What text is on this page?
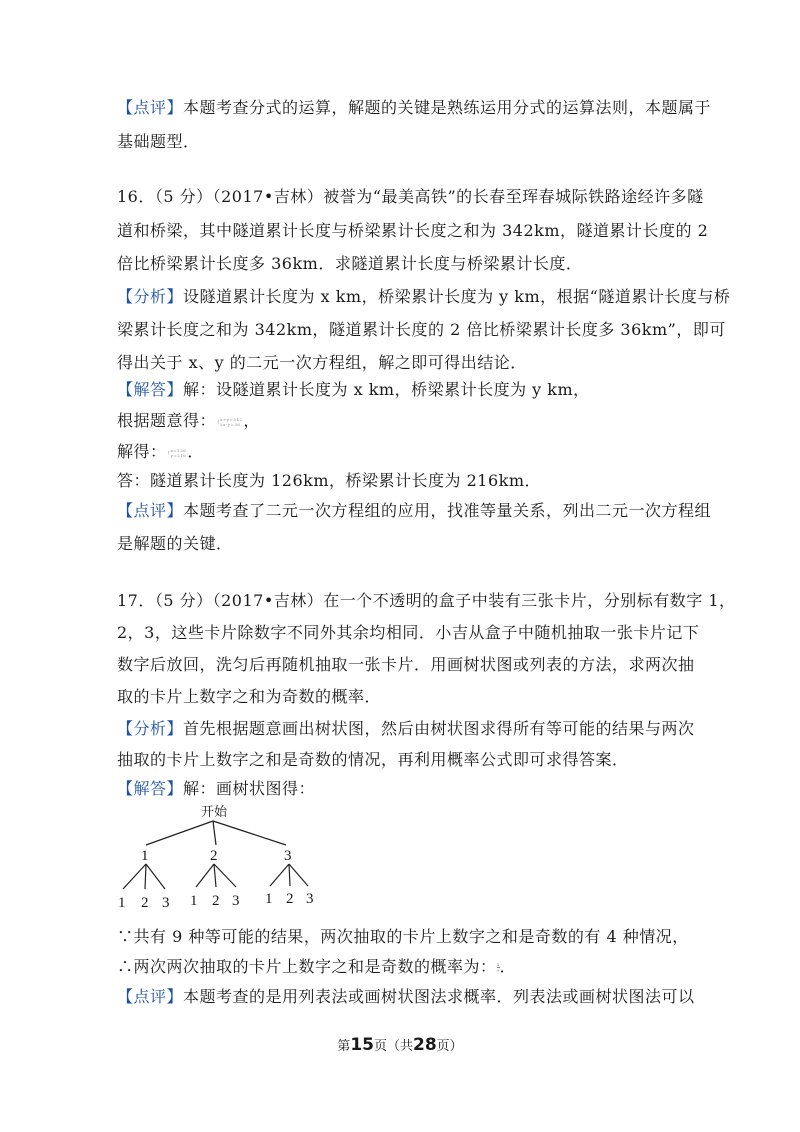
【点评】本题考查分式的运算，解题的关键是熟练运用分式的运算法则，本题属于
基础题型．
16．（5 分）（2017•吉林）被誉为“最美高铁”的长春至珲春城际铁路途经许多隧
道和桥梁，其中隧道累计长度与桥梁累计长度之和为 342km，隧道累计长度的 2
倍比桥梁累计长度多 36km．求隧道累计长度与桥梁累计长度．
【分析】设隧道累计长度为 x km，桥梁累计长度为 y km，根据“隧道累计长度与桥
梁累计长度之和为 342km，隧道累计长度的 2 倍比桥梁累计长度多 36km”，即可
得出关于 x、y 的二元一次方程组，解之即可得出结论．
【解答】解：设隧道累计长度为 x km，桥梁累计长度为 y km，
根据题意得：{ x+y=342
2x-y=36 ，
解得：{ x=126
y=216 ．
答：隧道累计长度为 126km，桥梁累计长度为 216km．
【点评】本题考查了二元一次方程组的应用，找准等量关系，列出二元一次方程组
是解题的关键．
17．（5 分）（2017•吉林）在一个不透明的盒子中装有三张卡片，分别标有数字 1，
2，3，这些卡片除数字不同外其余均相同．小吉从盒子中随机抽取一张卡片记下
数字后放回，洗匀后再随机抽取一张卡片．用画树状图或列表的方法，求两次抽
取的卡片上数字之和为奇数的概率．
【分析】首先根据题意画出树状图，然后由树状图求得所有等可能的结果与两次
抽取的卡片上数字之和是奇数的情况，再利用概率公式即可求得答案．
【解答】解：画树状图得：
开始
1	2	3
1 2 3 1 2 3 1 2 3
∵共有 9 种等可能的结果，两次抽取的卡片上数字之和是奇数的有 4 种情况，
∴两次两次抽取的卡片上数字之和是奇数的概率为： $\frac{4}{9}$ ．
【点评】本题考查的是用列表法或画树状图法求概率．列表法或画树状图法可以
第15页（共28页）
